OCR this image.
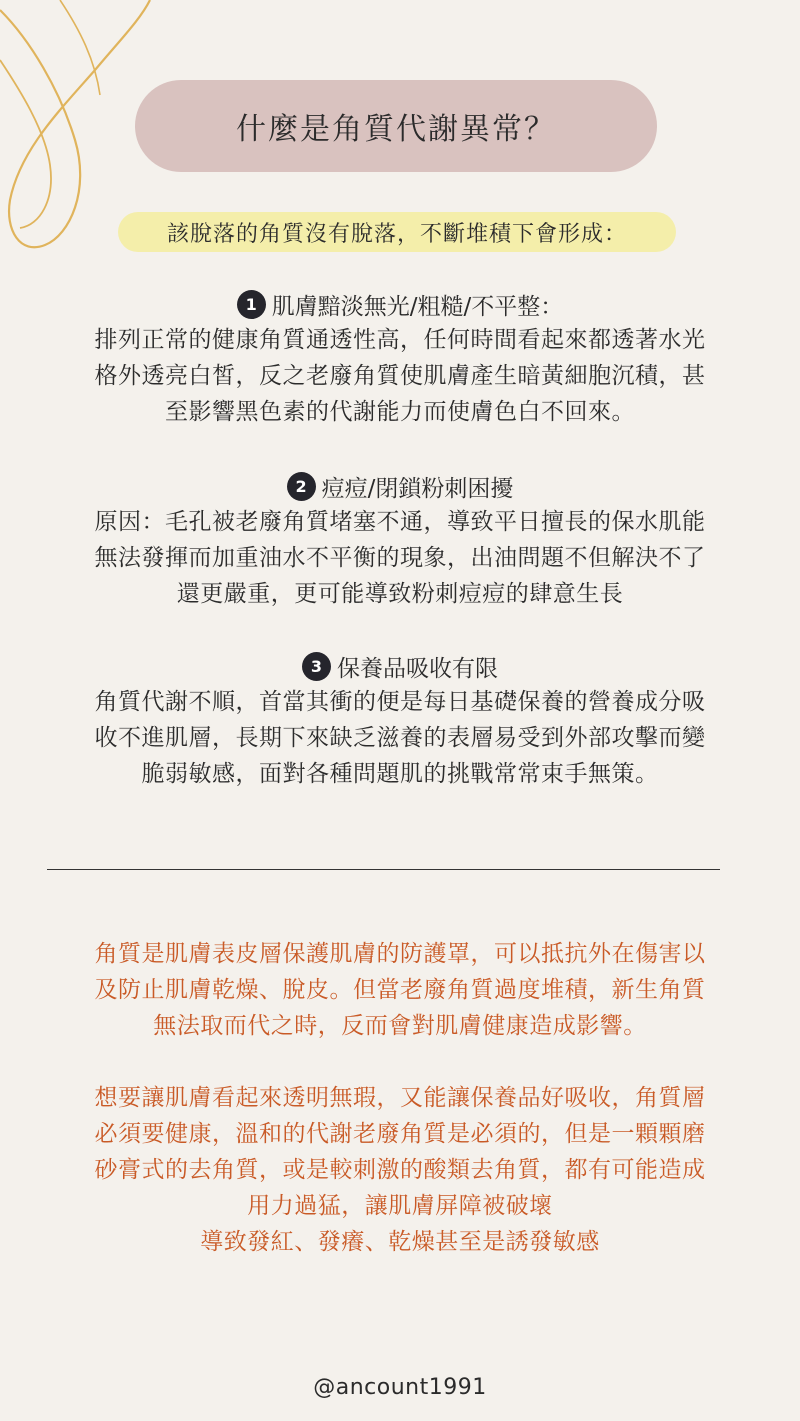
什麼是角質代謝異常？
該脫落的角質沒有脫落，不斷堆積下會形成：
1 肌膚黯淡無光/粗糙/不平整：
排列正常的健康角質通透性高，任何時間看起來都透著水光
格外透亮白皙，反之老廢角質使肌膚產生暗黃細胞沉積，甚
至影響黑色素的代謝能力而使膚色白不回來。
2 痘痘/閉鎖粉刺困擾
原因：毛孔被老廢角質堵塞不通，導致平日擅長的保水肌能
無法發揮而加重油水不平衡的現象，出油問題不但解決不了
還更嚴重，更可能導致粉刺痘痘的肆意生長
3 保養品吸收有限
角質代謝不順，首當其衝的便是每日基礎保養的營養成分吸
收不進肌層，長期下來缺乏滋養的表層易受到外部攻擊而變
脆弱敏感，面對各種問題肌的挑戰常常束手無策。
角質是肌膚表皮層保護肌膚的防護罩，可以抵抗外在傷害以
及防止肌膚乾燥、脫皮。但當老廢角質過度堆積，新生角質
無法取而代之時，反而會對肌膚健康造成影響。
想要讓肌膚看起來透明無瑕，又能讓保養品好吸收，角質層
必須要健康，溫和的代謝老廢角質是必須的，但是一顆顆磨
砂膏式的去角質，或是較刺激的酸類去角質，都有可能造成
用力過猛，讓肌膚屏障被破壞
導致發紅、發癢、乾燥甚至是誘發敏感
@ancount1991
